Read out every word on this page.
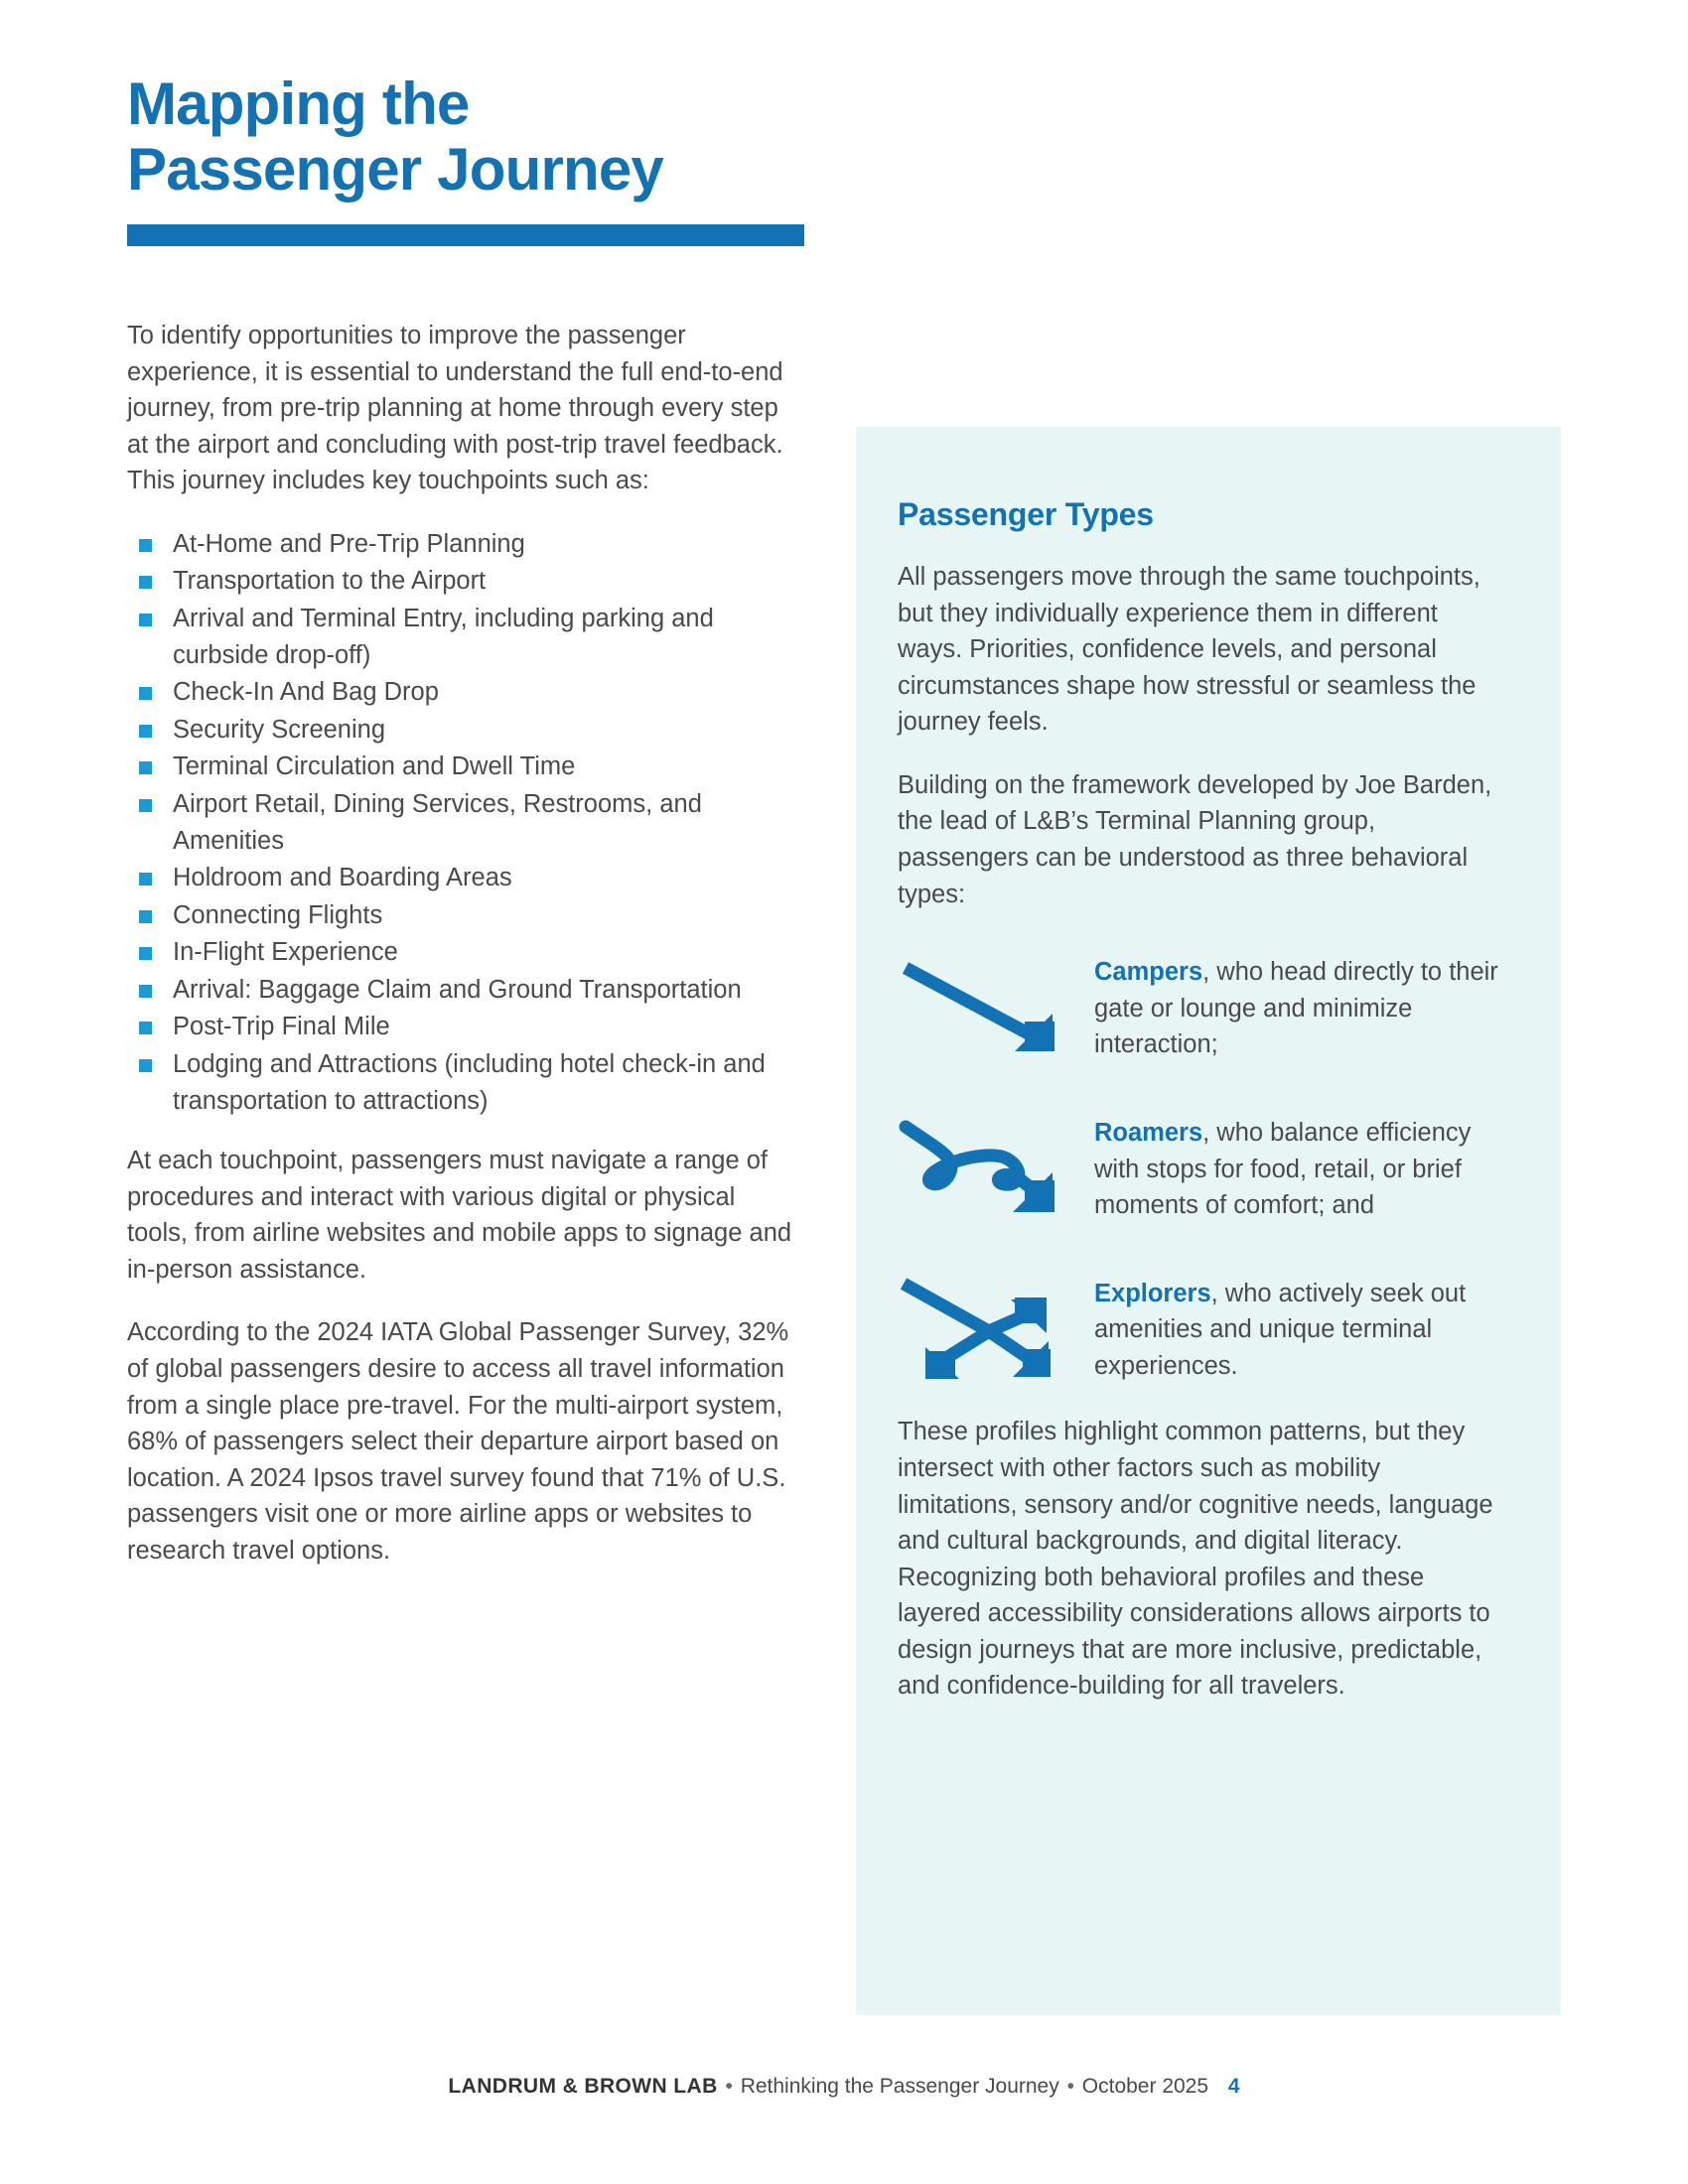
Mapping the
Passenger Journey

To identify opportunities to improve the passenger experience, it is essential to understand the full end-to-end journey, from pre-trip planning at home through every step at the airport and concluding with post-trip travel feedback. This journey includes key touchpoints such as:

At-Home and Pre-Trip Planning
Transportation to the Airport
Arrival and Terminal Entry, including parking and curbside drop-off)
Check-In And Bag Drop
Security Screening
Terminal Circulation and Dwell Time
Airport Retail, Dining Services, Restrooms, and Amenities
Holdroom and Boarding Areas
Connecting Flights
In-Flight Experience
Arrival: Baggage Claim and Ground Transportation
Post-Trip Final Mile
Lodging and Attractions (including hotel check-in and transportation to attractions)

At each touchpoint, passengers must navigate a range of procedures and interact with various digital or physical tools, from airline websites and mobile apps to signage and in-person assistance.

According to the 2024 IATA Global Passenger Survey, 32% of global passengers desire to access all travel information from a single place pre-travel. For the multi-airport system, 68% of passengers select their departure airport based on location. A 2024 Ipsos travel survey found that 71% of U.S. passengers visit one or more airline apps or websites to research travel options.

Passenger Types

All passengers move through the same touchpoints, but they individually experience them in different ways. Priorities, confidence levels, and personal circumstances shape how stressful or seamless the journey feels.

Building on the framework developed by Joe Barden, the lead of L&B’s Terminal Planning group, passengers can be understood as three behavioral types:

Campers, who head directly to their gate or lounge and minimize interaction;
Roamers, who balance efficiency with stops for food, retail, or brief moments of comfort; and
Explorers, who actively seek out amenities and unique terminal experiences.

These profiles highlight common patterns, but they intersect with other factors such as mobility limitations, sensory and/or cognitive needs, language and cultural backgrounds, and digital literacy. Recognizing both behavioral profiles and these layered accessibility considerations allows airports to design journeys that are more inclusive, predictable, and confidence-building for all travelers.

LANDRUM & BROWN LAB • Rethinking the Passenger Journey • October 2025 4
